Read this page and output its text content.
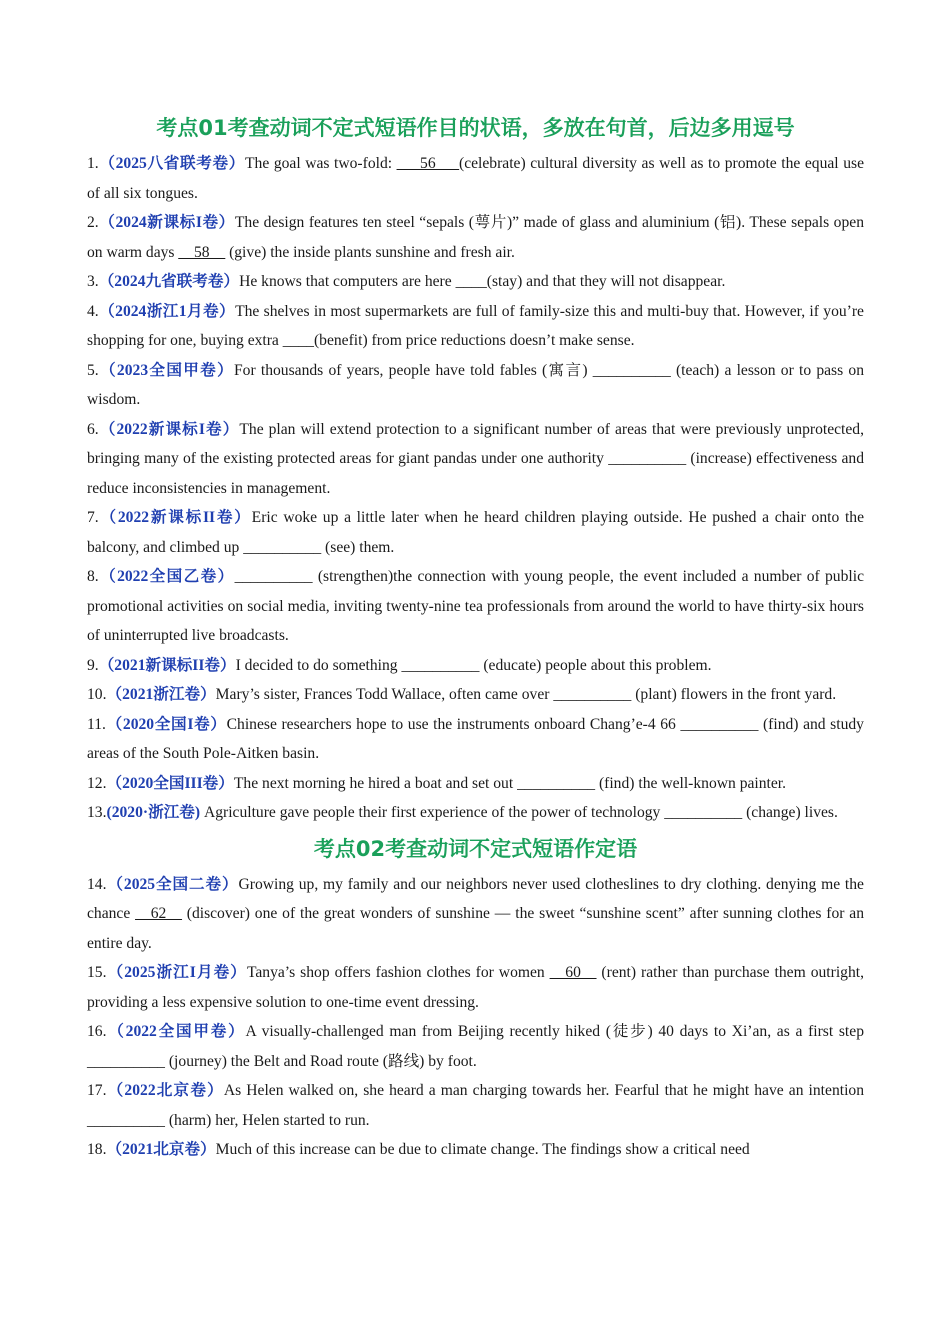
考点01考查动词不定式短语作目的状语，多放在句首，后边多用逗号

1.（2025八省联考卷）The goal was two-fold: ___56___(celebrate) cultural diversity as well as to promote the equal use of all six tongues.

2.（2024新课标I卷）The design features ten steel “sepals (萼片)” made of glass and aluminium (铝). These sepals open on warm days __58__ (give) the inside plants sunshine and fresh air.

3.（2024九省联考卷）He knows that computers are here ____(stay) and that they will not disappear.

4.（2024浙江1月卷）The shelves in most supermarkets are full of family-size this and multi-buy that. However, if you’re shopping for one, buying extra ____(benefit) from price reductions doesn’t make sense.

5.（2023全国甲卷）For thousands of years, people have told fables (寓言) __________ (teach) a lesson or to pass on wisdom.

6.（2022新课标I卷）The plan will extend protection to a significant number of areas that were previously unprotected, bringing many of the existing protected areas for giant pandas under one authority __________ (increase) effectiveness and reduce inconsistencies in management.

7.（2022新课标II卷）Eric woke up a little later when he heard children playing outside. He pushed a chair onto the balcony, and climbed up __________ (see) them.

8.（2022全国乙卷）__________ (strengthen)the connection with young people, the event included a number of public promotional activities on social media, inviting twenty-nine tea professionals from around the world to have thirty-six hours of uninterrupted live broadcasts.

9.（2021新课标II卷）I decided to do something __________ (educate) people about this problem.

10.（2021浙江卷）Mary’s sister, Frances Todd Wallace, often came over __________ (plant) flowers in the front yard.

11.（2020全国I卷）Chinese researchers hope to use the instruments onboard Chang’e-4 66 __________ (find) and study areas of the South Pole-Aitken basin.

12.（2020全国III卷）The next morning he hired a boat and set out __________ (find) the well-known painter.

13.(2020·浙江卷) Agriculture gave people their first experience of the power of technology __________ (change) lives.

考点02考查动词不定式短语作定语

14.（2025全国二卷）Growing up, my family and our neighbors never used clotheslines to dry clothing. denying me the chance __62__ (discover) one of the great wonders of sunshine — the sweet “sunshine scent” after sunning clothes for an entire day.

15.（2025浙江I月卷）Tanya’s shop offers fashion clothes for women __60__ (rent) rather than purchase them outright, providing a less expensive solution to one-time event dressing.

16.（2022全国甲卷）A visually-challenged man from Beijing recently hiked (徒步) 40 days to Xi’an, as a first step __________ (journey) the Belt and Road route (路线) by foot.

17.（2022北京卷）As Helen walked on, she heard a man charging towards her. Fearful that he might have an intention __________ (harm) her, Helen started to run.

18.（2021北京卷）Much of this increase can be due to climate change. The findings show a critical need
